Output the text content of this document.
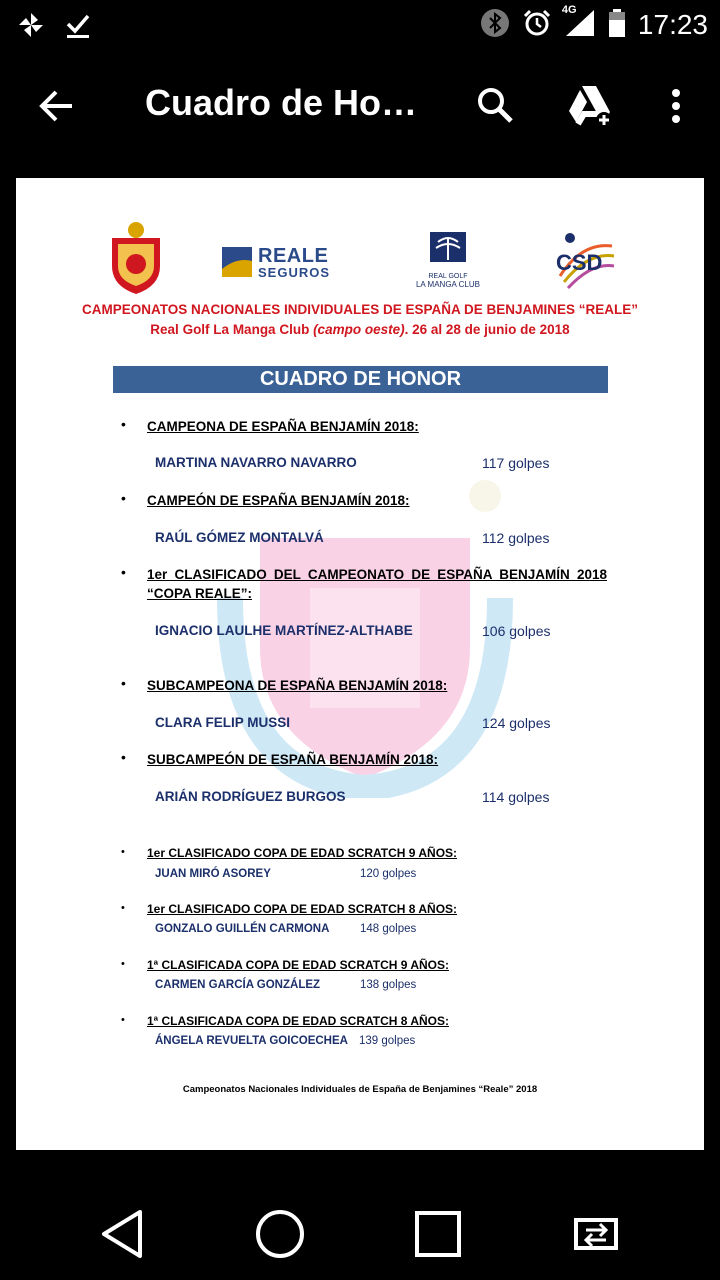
4G 17:23
Cuadro de Ho…
REALE
SEGUROS	REAL GOLF
LA MANGA CLUB
CSD
CAMPEONATOS NACIONALES INDIVIDUALES DE ESPAÑA DE BENJAMINES “REALE”
Real Golf La Manga Club (campo oeste). 26 al 28 de junio de 2018
CUADRO DE HONOR
• CAMPEONA DE ESPAÑA BENJAMÍN 2018:
MARTINA NAVARRO NAVARRO	117 golpes
• CAMPEÓN DE ESPAÑA BENJAMÍN 2018:
RAÚL GÓMEZ MONTALVÁ	112 golpes
• 1er CLASIFICADO DEL CAMPEONATO DE ESPAÑA BENJAMÍN 2018
“COPA REALE”:
IGNACIO LAULHE MARTÍNEZ-ALTHABE	106 golpes
• SUBCAMPEONA DE ESPAÑA BENJAMÍN 2018:
CLARA FELIP MUSSI	124 golpes
• SUBCAMPEÓN DE ESPAÑA BENJAMÍN 2018:
ARIÁN RODRÍGUEZ BURGOS	114 golpes
• 1er CLASIFICADO COPA DE EDAD SCRATCH 9 AÑOS:
JUAN MIRÓ ASOREY	120 golpes
• 1er CLASIFICADO COPA DE EDAD SCRATCH 8 AÑOS:
GONZALO GUILLÉN CARMONA	148 golpes
• 1ª CLASIFICADA COPA DE EDAD SCRATCH 9 AÑOS:
CARMEN GARCÍA GONZÁLEZ	138 golpes
• 1ª CLASIFICADA COPA DE EDAD SCRATCH 8 AÑOS:
ÁNGELA REVUELTA GOICOECHEA 139 golpes
Campeonatos Nacionales Individuales de España de Benjamines “Reale” 2018
